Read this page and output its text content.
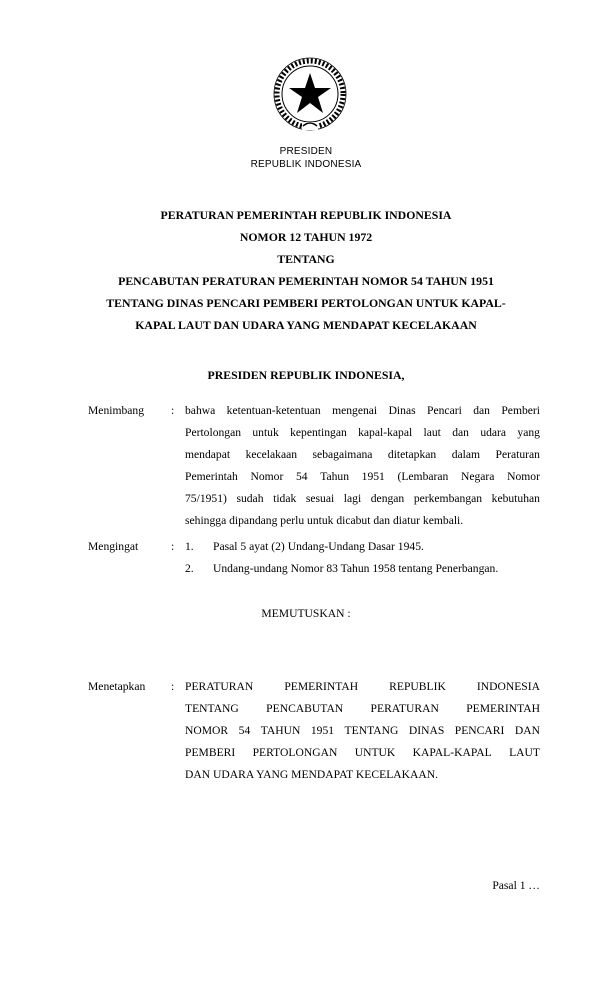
PRESIDEN
REPUBLIK INDONESIA
PERATURAN PEMERINTAH REPUBLIK INDONESIA
NOMOR 12 TAHUN 1972
TENTANG
PENCABUTAN PERATURAN PEMERINTAH NOMOR 54 TAHUN 1951
TENTANG DINAS PENCARI PEMBERI PERTOLONGAN UNTUK KAPAL-
KAPAL LAUT DAN UDARA YANG MENDAPAT KECELAKAAN
PRESIDEN REPUBLIK INDONESIA,
Menimbang : bahwa ketentuan-ketentuan mengenai Dinas Pencari dan Pemberi
Pertolongan untuk kepentingan kapal-kapal laut dan udara yang
mendapat kecelakaan sebagaimana ditetapkan dalam Peraturan
Pemerintah Nomor 54 Tahun 1951 (Lembaran Negara Nomor
75/1951) sudah tidak sesuai lagi dengan perkembangan kebutuhan
sehingga dipandang perlu untuk dicabut dan diatur kembali.
Mengingat	: 1. Pasal 5 ayat (2) Undang-Undang Dasar 1945.
2. Undang-undang Nomor 83 Tahun 1958 tentang Penerbangan.
MEMUTUSKAN :
Menetapkan : PERATURAN	PEMERINTAH	REPUBLIK	INDONESIA
TENTANG PENCABUTAN PERATURAN PEMERINTAH
NOMOR 54 TAHUN 1951 TENTANG DINAS PENCARI DAN
PEMBERI PERTOLONGAN UNTUK KAPAL-KAPAL LAUT
DAN UDARA YANG MENDAPAT KECELAKAAN.
Pasal 1 …
